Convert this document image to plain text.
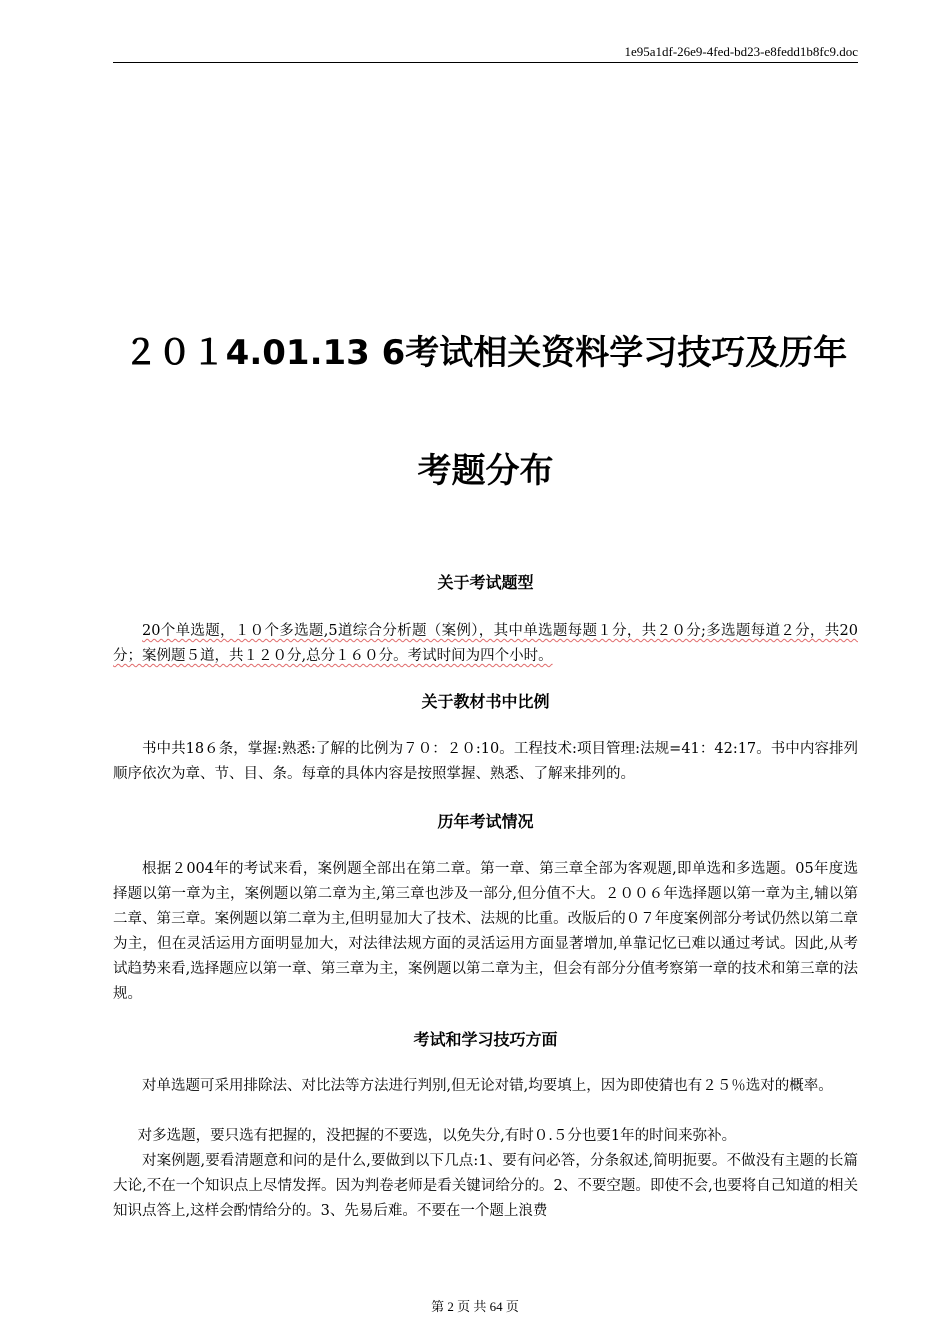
1e95a1df-26e9-4fed-bd23-e8fedd1b8fc9.doc
２０１4.01.13 6考试相关资料学习技巧及历年
考题分布
关于考试题型
20个单选题，１０个多选题,5道综合分析题（案例），其中单选题每题１分，共２０分;多选题每道２分，共20分；案例题５道，共１２０分,总分１６０分。考试时间为四个小时。
关于教材书中比例
书中共18６条，掌握:熟悉:了解的比例为７０：２０:10。工程技术:项目管理:法规=41：42:17。书中内容排列顺序依次为章、节、目、条。每章的具体内容是按照掌握、熟悉、了解来排列的。
历年考试情况
根据２004年的考试来看，案例题全部出在第二章。第一章、第三章全部为客观题,即单选和多选题。05年度选择题以第一章为主，案例题以第二章为主,第三章也涉及一部分,但分值不大。２００６年选择题以第一章为主,辅以第二章、第三章。案例题以第二章为主,但明显加大了技术、法规的比重。改版后的０７年度案例部分考试仍然以第二章为主，但在灵活运用方面明显加大，对法律法规方面的灵活运用方面显著增加,单靠记忆已难以通过考试。因此,从考试趋势来看,选择题应以第一章、第三章为主，案例题以第二章为主，但会有部分分值考察第一章的技术和第三章的法规。
考试和学习技巧方面
对单选题可采用排除法、对比法等方法进行判别,但无论对错,均要填上，因为即使猜也有２５％选对的概率。
对多选题，要只选有把握的，没把握的不要选，以免失分,有时０.５分也要1年的时间来弥补。
对案例题,要看清题意和问的是什么,要做到以下几点:1、要有问必答，分条叙述,简明扼要。不做没有主题的长篇大论,不在一个知识点上尽情发挥。因为判卷老师是看关键词给分的。2、不要空题。即使不会,也要将自己知道的相关知识点答上,这样会酌情给分的。3、先易后难。不要在一个题上浪费
第 2 页 共 64 页
